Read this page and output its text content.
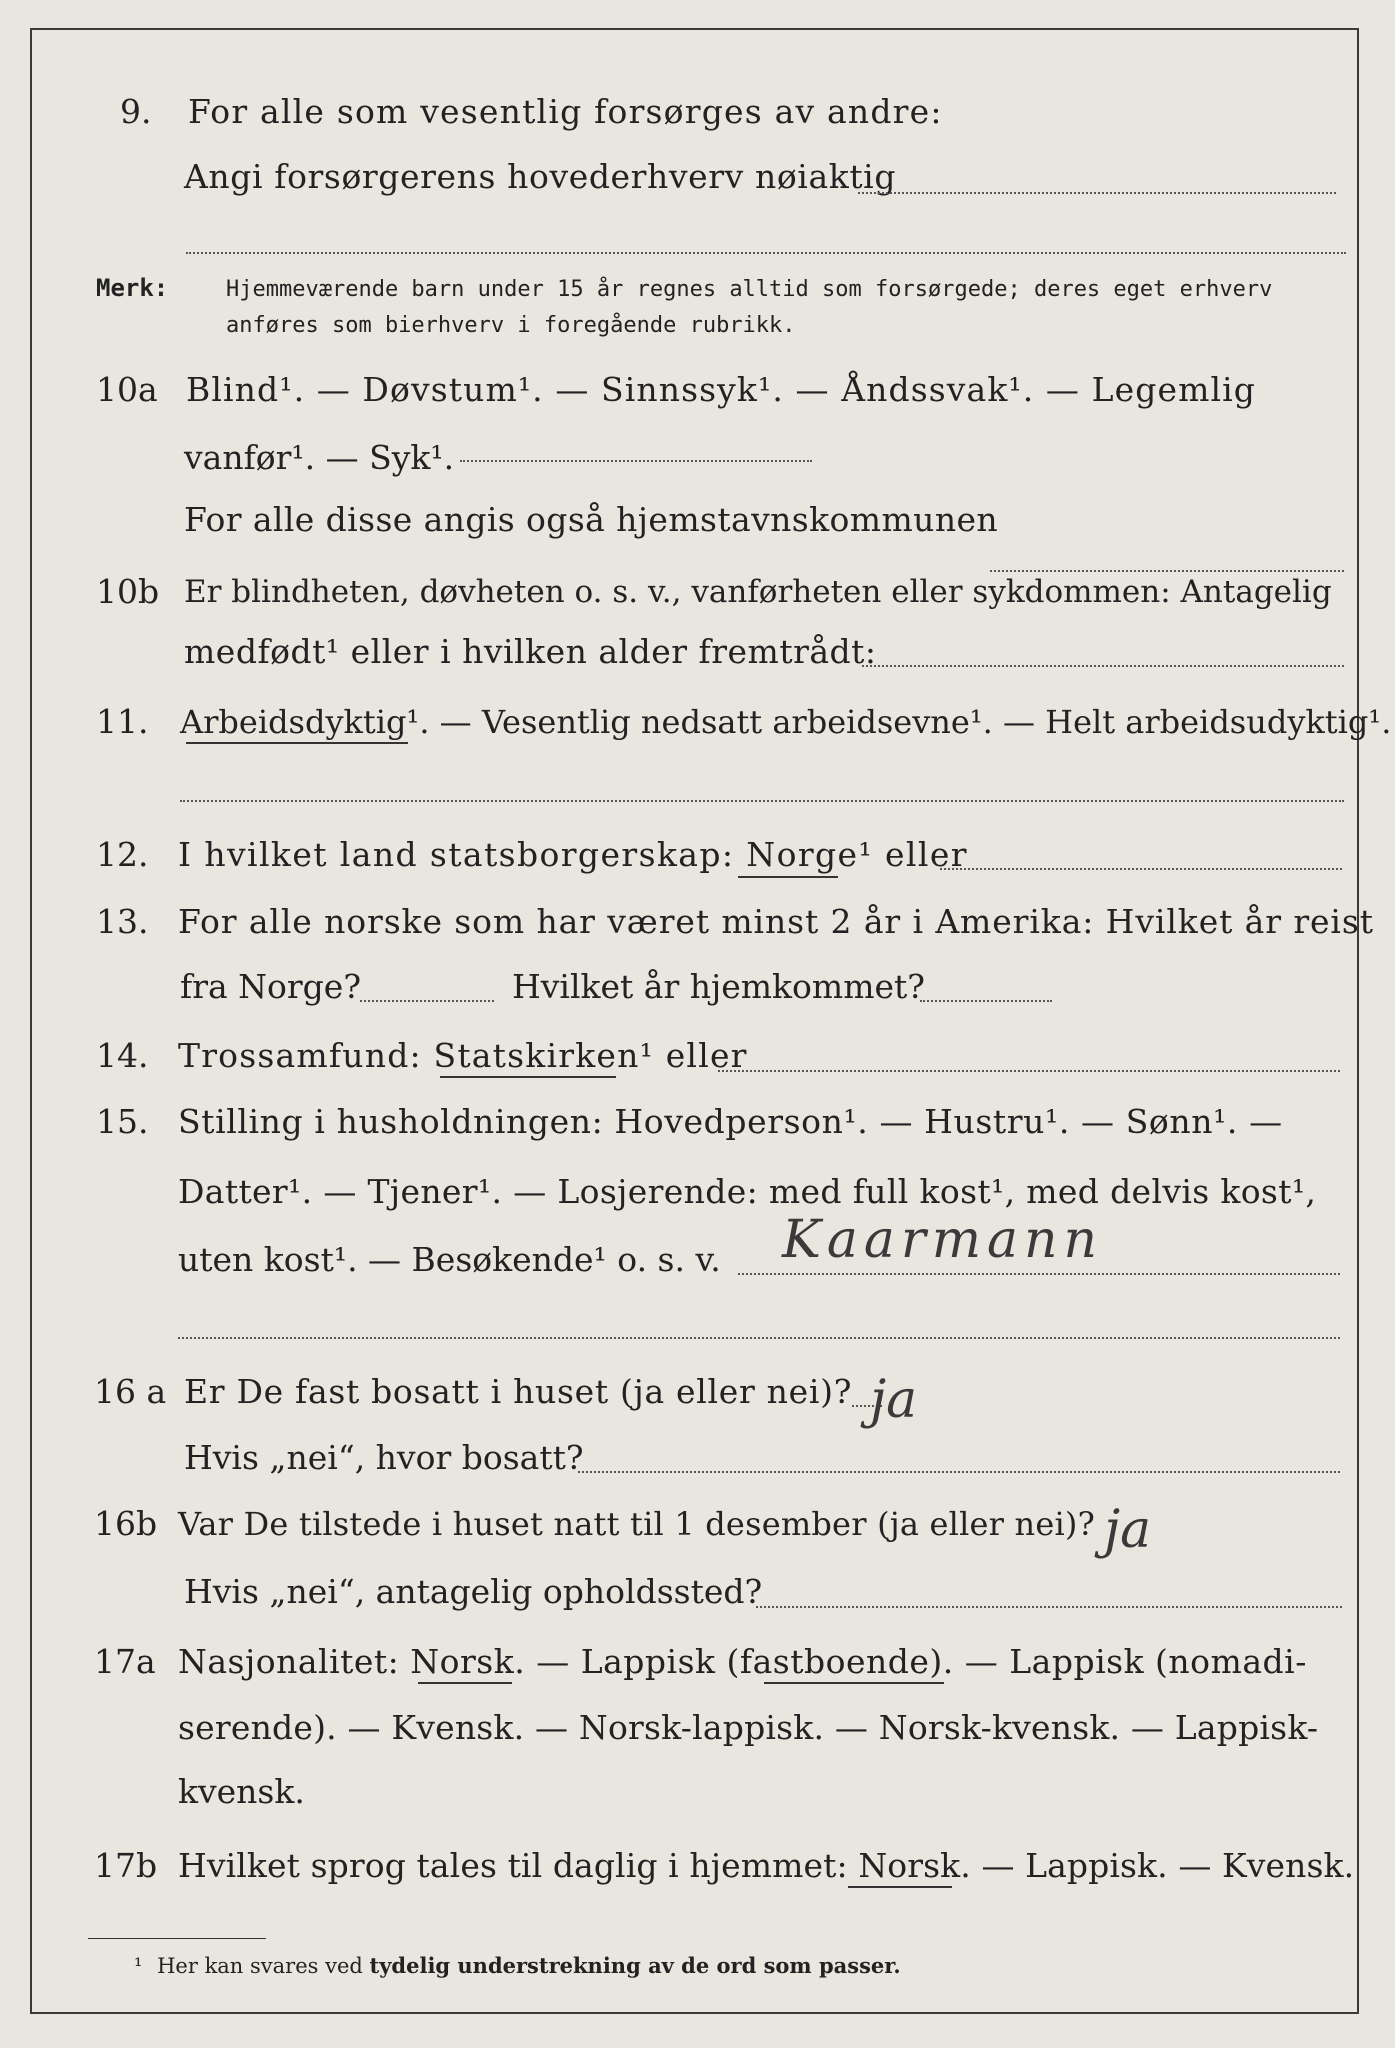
9. For alle som vesentlig forsørges av andre:
Angi forsørgerens hovederhverv nøiaktig
Merk:	Hjemmeværende barn under 15 år regnes alltid som forsørgede; deres eget erhverv
anføres som bierhverv i foregående rubrikk.
10a Blind¹. — Døvstum¹. — Sinnssyk¹. — Åndssvak¹. — Legemlig
vanfør¹. — Syk¹.
For alle disse angis også hjemstavnskommunen
10b Er blindheten, døvheten o. s. v., vanførheten eller sykdommen: Antagelig
medfødt¹ eller i hvilken alder fremtrådt:
11. Arbeidsdyktig¹. — Vesentlig nedsatt arbeidsevne¹. — Helt arbeidsudyktig¹.
12. I hvilket land statsborgerskap: Norge¹ eller
13. For alle norske som har været minst 2 år i Amerika: Hvilket år reist
fra Norge?	Hvilket år hjemkommet?
14. Trossamfund: Statskirken¹ eller
15. Stilling i husholdningen: Hovedperson¹. — Hustru¹. — Sønn¹. —
Datter¹. — Tjener¹. — Losjerende: med full kost¹, med delvis kost¹,
uten kost¹. — Besøkende¹ o. s. v. Kaarmann
16 a Er De fast bosatt i huset (ja eller nei)? ja
Hvis „nei“, hvor bosatt?
16b Var De tilstede i huset natt til 1 desember (ja eller nei)? ja
Hvis „nei“, antagelig opholdssted?
17a Nasjonalitet: Norsk. — Lappisk (fastboende). — Lappisk (nomadi-
serende). — Kvensk. — Norsk-lappisk. — Norsk-kvensk. — Lappisk-
kvensk.
17b Hvilket sprog tales til daglig i hjemmet: Norsk. — Lappisk. — Kvensk.
¹ Her kan svares ved tydelig understrekning av de ord som passer.
